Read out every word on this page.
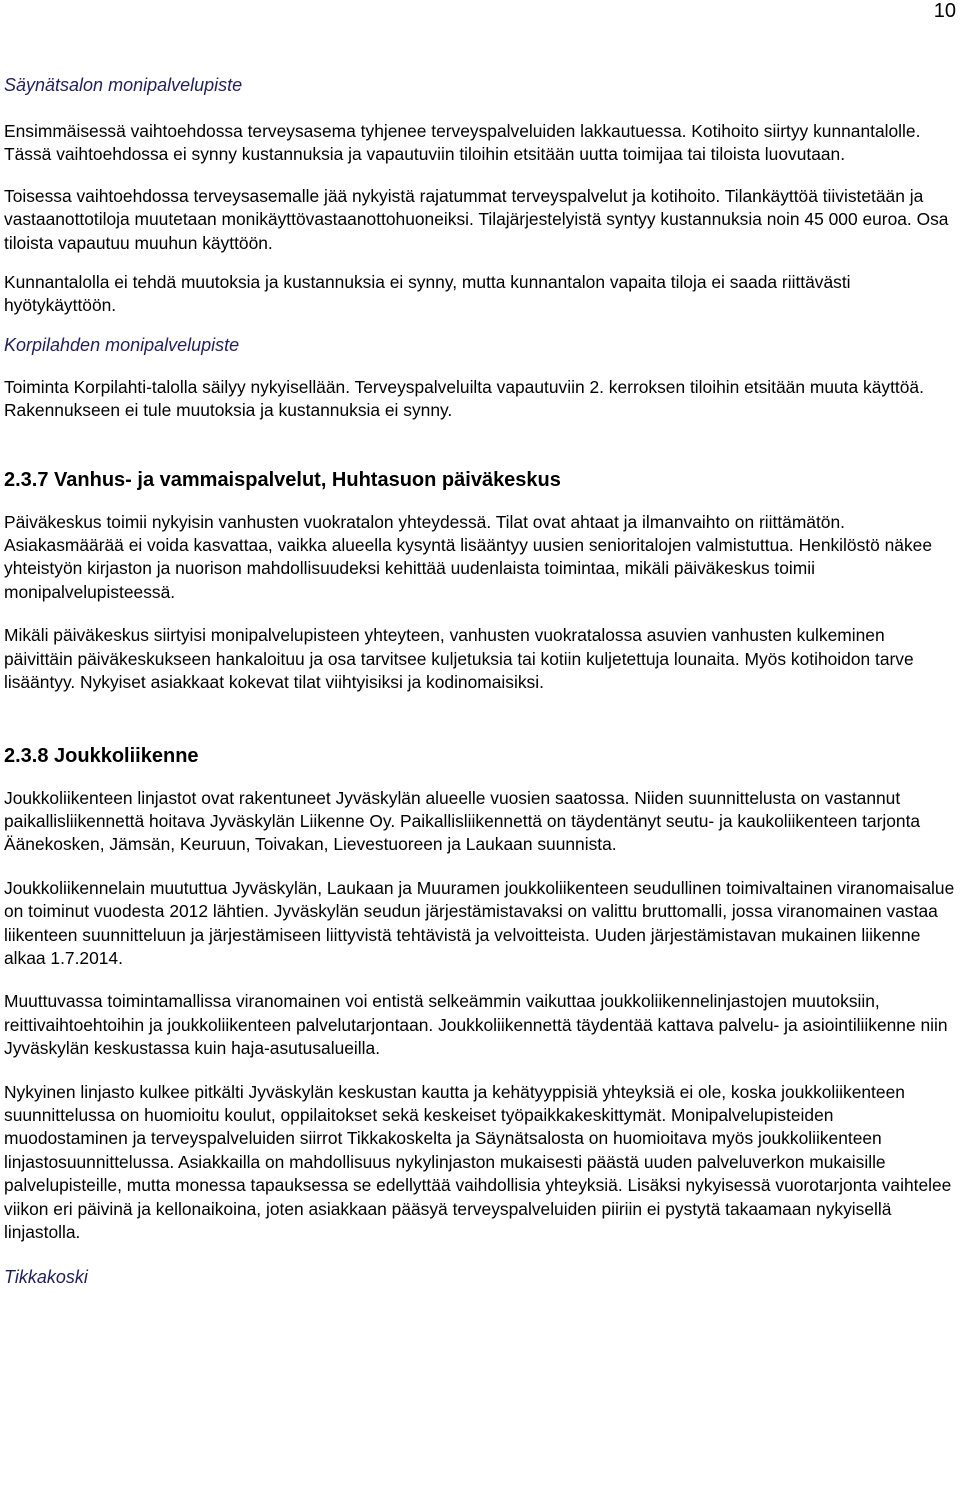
10

Säynätsalon monipalvelupiste

Ensimmäisessä vaihtoehdossa terveysasema tyhjenee terveyspalveluiden lakkautuessa. Kotihoito siirtyy kunnantalolle. Tässä vaihtoehdossa ei synny kustannuksia ja vapautuviin tiloihin etsitään uutta toimijaa tai tiloista luovutaan.

Toisessa vaihtoehdossa terveysasemalle jää nykyistä rajatummat terveyspalvelut ja kotihoito. Tilankäyttöä tiivistetään ja vastaanottotiloja muutetaan monikäyttövastaanottohuoneiksi. Tilajärjestelyistä syntyy kustannuksia noin 45 000 euroa. Osa tiloista vapautuu muuhun käyttöön.

Kunnantalolla ei tehdä muutoksia ja kustannuksia ei synny, mutta kunnantalon vapaita tiloja ei saada riittävästi hyötykäyttöön.

Korpilahden monipalvelupiste

Toiminta Korpilahti-talolla säilyy nykyisellään. Terveyspalveluilta vapautuviin 2. kerroksen tiloihin etsitään muuta käyttöä. Rakennukseen ei tule muutoksia ja kustannuksia ei synny.

2.3.7 Vanhus- ja vammaispalvelut, Huhtasuon päiväkeskus

Päiväkeskus toimii nykyisin vanhusten vuokratalon yhteydessä. Tilat ovat ahtaat ja ilmanvaihto on riittämätön. Asiakasmäärää ei voida kasvattaa, vaikka alueella kysyntä lisääntyy uusien senioritalojen valmistuttua. Henkilöstö näkee yhteistyön kirjaston ja nuorison mahdollisuudeksi kehittää uudenlaista toimintaa, mikäli päiväkeskus toimii monipalvelupisteessä.

Mikäli päiväkeskus siirtyisi monipalvelupisteen yhteyteen, vanhusten vuokratalossa asuvien vanhusten kulkeminen päivittäin päiväkeskukseen hankaloituu ja osa tarvitsee kuljetuksia tai kotiin kuljetettuja lounaita. Myös kotihoidon tarve lisääntyy. Nykyiset asiakkaat kokevat tilat viihtyisiksi ja kodinomaisiksi.

2.3.8 Joukkoliikenne

Joukkoliikenteen linjastot ovat rakentuneet Jyväskylän alueelle vuosien saatossa. Niiden suunnittelusta on vastannut paikallisliikennettä hoitava Jyväskylän Liikenne Oy. Paikallisliikennettä on täydentänyt seutu- ja kaukoliikenteen tarjonta Äänekosken, Jämsän, Keuruun, Toivakan, Lievestuoreen ja Laukaan suunnista.

Joukkoliikennelain muututtua Jyväskylän, Laukaan ja Muuramen joukkoliikenteen seudullinen toimivaltainen viranomaisalue on toiminut vuodesta 2012 lähtien. Jyväskylän seudun järjestämistavaksi on valittu bruttomalli, jossa viranomainen vastaa liikenteen suunnitteluun ja järjestämiseen liittyvistä tehtävistä ja velvoitteista. Uuden järjestämistavan mukainen liikenne alkaa 1.7.2014.

Muuttuvassa toimintamallissa viranomainen voi entistä selkeämmin vaikuttaa joukkoliikennelinjastojen muutoksiin, reittivaihtoehtoihin ja joukkoliikenteen palvelutarjontaan. Joukkoliikennettä täydentää kattava palvelu- ja asiointiliikenne niin Jyväskylän keskustassa kuin haja-asutusalueilla.

Nykyinen linjasto kulkee pitkälti Jyväskylän keskustan kautta ja kehätyyppisiä yhteyksiä ei ole, koska joukkoliikenteen suunnittelussa on huomioitu koulut, oppilaitokset sekä keskeiset työpaikkakeskittymät. Monipalvelupisteiden muodostaminen ja terveyspalveluiden siirrot Tikkakoskelta ja Säynätsalosta on huomioitava myös joukkoliikenteen linjastosuunnittelussa. Asiakkailla on mahdollisuus nykylinjaston mukaisesti päästä uuden palveluverkon mukaisille palvelupisteille, mutta monessa tapauksessa se edellyttää vaihdollisia yhteyksiä. Lisäksi nykyisessä vuorotarjonta vaihtelee viikon eri päivinä ja kellonaikoina, joten asiakkaan pääsyä terveyspalveluiden piiriin ei pystytä takaamaan nykyisellä linjastolla.

Tikkakoski
